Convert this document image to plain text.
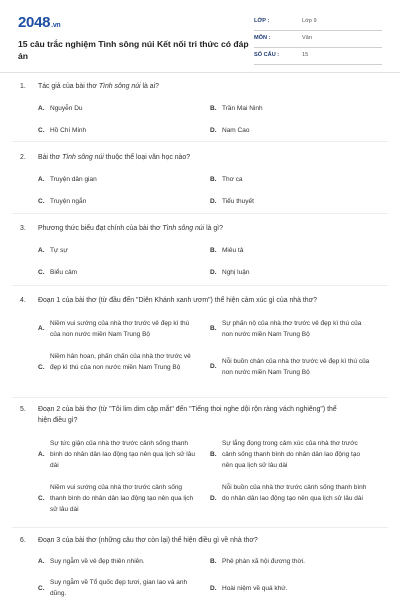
2048.vn
15 câu trắc nghiệm Tình sông núi Kết nối tri thức có đáp án
LỚP :	Lớp 9
MÔN :	Văn
SỐ CÂU :	15
1.	Tác giả của bài thơ Tình sông núi là ai?
A. Nguyễn Du	B. Trần Mai Ninh
C. Hồ Chí Minh	D. Nam Cao
2.	Bài thơ Tình sông núi thuộc thể loại văn học nào?
A. Truyện dân gian	B. Thơ ca
C. Truyện ngắn	D. Tiểu thuyết
3.	Phương thức biểu đạt chính của bài thơ Tình sông núi là gì?
A. Tự sự	B. Miêu tả
C. Biểu cảm	D. Nghị luận
4.	Đoạn 1 của bài thơ (từ đầu đến "Diên Khánh xanh ươm") thể hiện cảm xúc gì của nhà thơ?
A.
Niềm vui sướng của nhà thơ trước vẻ đẹp kì thú của non nước miền Nam Trung Bộ
B.
Sự phấn nộ của nhà thơ trước vẻ đẹp kì thú của non nước miền Nam Trung Bộ
C.
Niềm hân hoan, phấn chấn của nhà thơ trước vẻ đẹp kì thú của non nước miền Nam Trung Bộ	D.
Nỗi buồn chán của nhà thơ trước vẻ đẹp kì thú của non nước miền Nam Trung Bộ
5.	Đoạn 2 của bài thơ (từ "Tôi lim dim cặp mắt" đến "Tiếng thoi nghe dội rộn ràng vách nghiêng") thể hiện điều gì?
A.
Sự tức giận của nhà thơ trước cảnh sống thanh bình do nhân dân lao động tạo nên qua lịch sử lâu dài
B.
Sự lắng đọng trong cảm xúc của nhà thơ trước cảnh sống thanh bình do nhân dân lao động tạo nên qua lịch sử lâu dài
C.
Niềm vui sướng của nhà thơ trước cảnh sống thanh bình do nhân dân lao động tạo nên qua lịch sử lâu dài
D.
Nỗi buồn của nhà thơ trước cảnh sống thanh bình do nhân dân lao động tạo nên qua lịch sử lâu dài
6.	Đoạn 3 của bài thơ (những câu thơ còn lại) thể hiện điều gì về nhà thơ?
A. Suy ngẫm về vẻ đẹp thiên nhiên.	B. Phê phán xã hội đương thời.
C.
Suy ngẫm về Tổ quốc đẹp tươi, gian lao và anh dũng.
D. Hoài niệm về quá khứ.
